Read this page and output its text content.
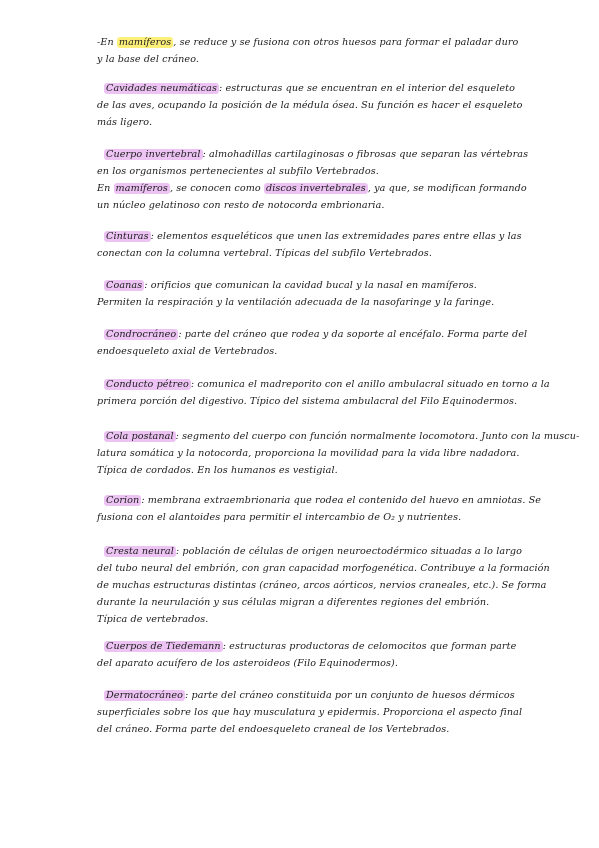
-En mamíferos , se reduce y se fusiona con otros huesos para formar el paladar duro
y la base del cráneo.
Cavidades neumáticas : estructuras que se encuentran en el interior del esqueleto
de las aves, ocupando la posición de la médula ósea. Su función es hacer el esqueleto
más ligero.
Cuerpo invertebral : almohadillas cartilaginosas o fibrosas que separan las vértebras
en los organismos pertenecientes al subfilo Vertebrados.
En mamíferos , se conocen como discos invertebrales , ya que, se modifican formando
un núcleo gelatinoso con resto de notocorda embrionaria.
Cinturas : elementos esqueléticos que unen las extremidades pares entre ellas y las
conectan con la columna vertebral. Típicas del subfilo Vertebrados.
Coanas : orificios que comunican la cavidad bucal y la nasal en mamíferos.
Permiten la respiración y la ventilación adecuada de la nasofaringe y la faringe.
Condrocráneo : parte del cráneo que rodea y da soporte al encéfalo. Forma parte del
endoesqueleto axial de Vertebrados.
Conducto pétreo : comunica el madreporito con el anillo ambulacral situado en torno a la
primera porción del digestivo. Típico del sistema ambulacral del Filo Equinodermos.
Cola postanal : segmento del cuerpo con función normalmente locomotora. Junto con la muscu-
latura somática y la notocorda, proporciona la movilidad para la vida libre nadadora.
Típica de cordados. En los humanos es vestigial.
Corion : membrana extraembrionaria que rodea el contenido del huevo en amniotas. Se
fusiona con el alantoides para permitir el intercambio de O₂ y nutrientes.
Cresta neural : población de células de origen neuroectodérmico situadas a lo largo
del tubo neural del embrión, con gran capacidad morfogenética. Contribuye a la formación
de muchas estructuras distintas (cráneo, arcos aórticos, nervios craneales, etc.). Se forma
durante la neurulación y sus células migran a diferentes regiones del embrión.
Típica de vertebrados.
Cuerpos de Tiedemann : estructuras productoras de celomocitos que forman parte
del aparato acuífero de los asteroideos (Filo Equinodermos).
Dermatocráneo : parte del cráneo constituida por un conjunto de huesos dérmicos
superficiales sobre los que hay musculatura y epidermis. Proporciona el aspecto final
del cráneo. Forma parte del endoesqueleto craneal de los Vertebrados.
